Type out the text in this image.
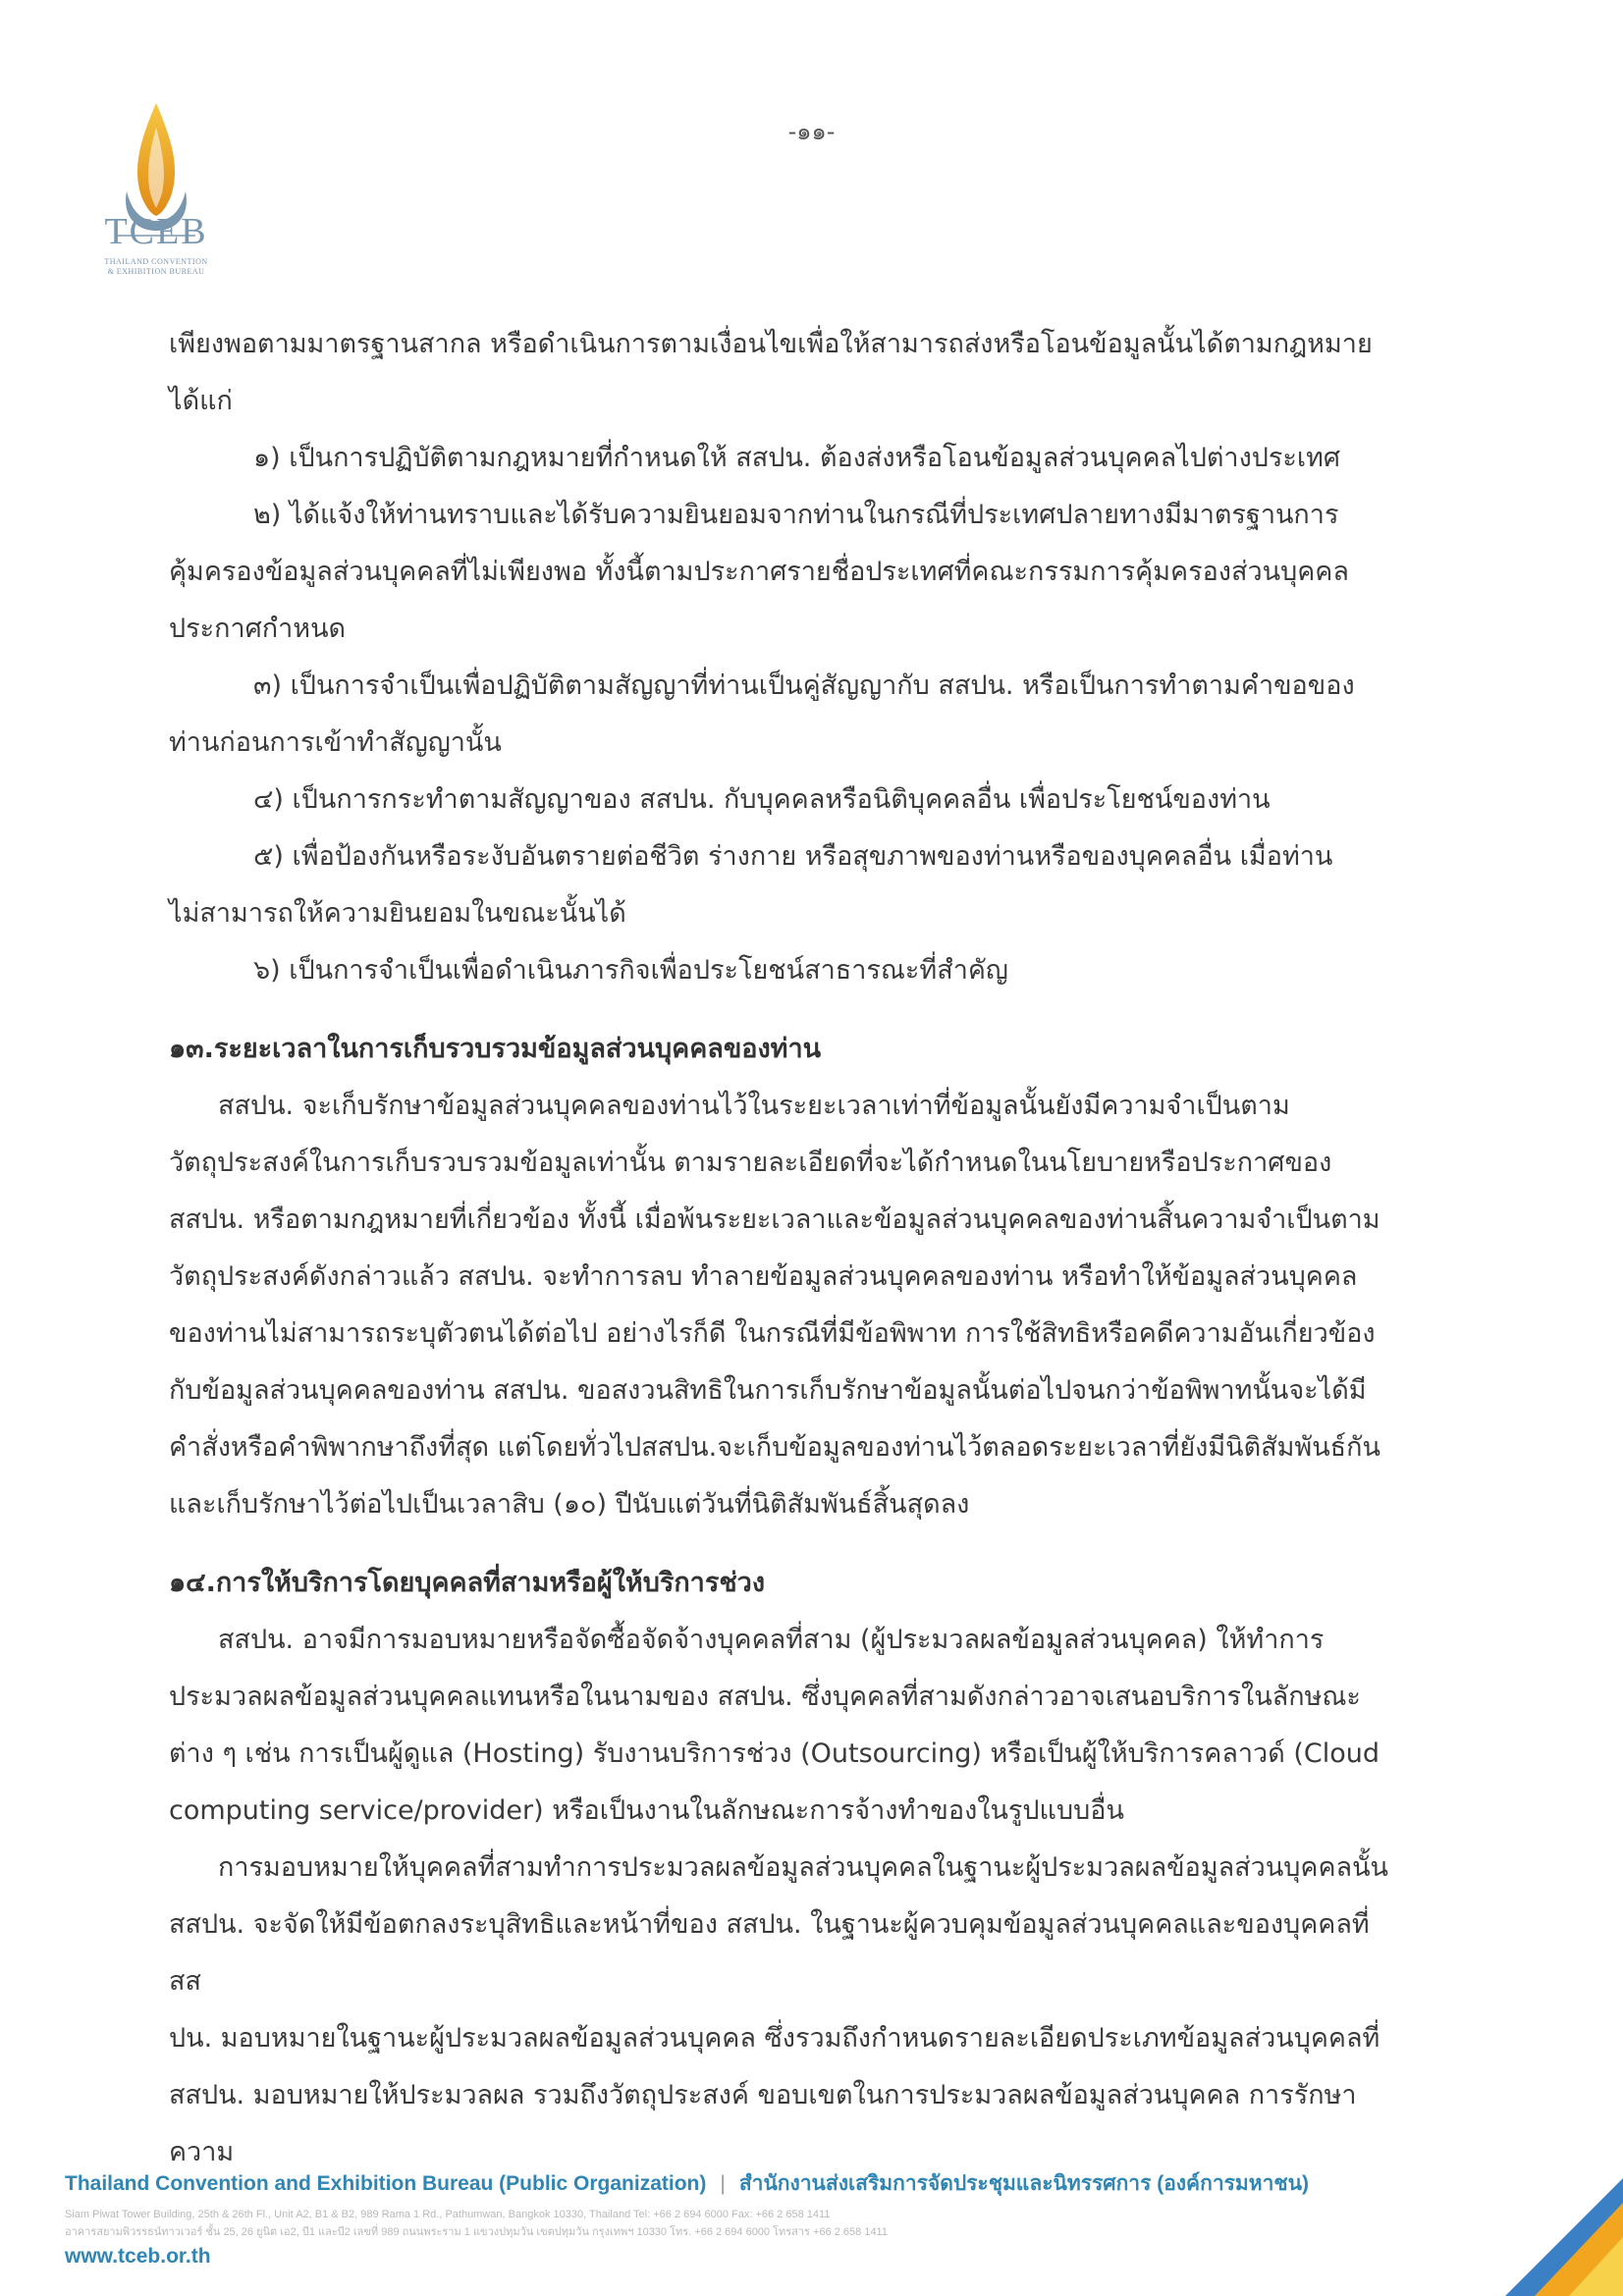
TCEB
THAILAND CONVENTION
& EXHIBITION BUREAU
-๑๑-

เพียงพอตามมาตรฐานสากล หรือดำเนินการตามเงื่อนไขเพื่อให้สามารถส่งหรือโอนข้อมูลนั้นได้ตามกฎหมาย

ได้แก่

๑) เป็นการปฏิบัติตามกฎหมายที่กำหนดให้ สสปน. ต้องส่งหรือโอนข้อมูลส่วนบุคคลไปต่างประเทศ

๒) ได้แจ้งให้ท่านทราบและได้รับความยินยอมจากท่านในกรณีที่ประเทศปลายทางมีมาตรฐานการ

คุ้มครองข้อมูลส่วนบุคคลที่ไม่เพียงพอ ทั้งนี้ตามประกาศรายชื่อประเทศที่คณะกรรมการคุ้มครองส่วนบุคคล

ประกาศกำหนด

๓) เป็นการจำเป็นเพื่อปฏิบัติตามสัญญาที่ท่านเป็นคู่สัญญากับ สสปน. หรือเป็นการทำตามคำขอของ

ท่านก่อนการเข้าทำสัญญานั้น

๔) เป็นการกระทำตามสัญญาของ สสปน. กับบุคคลหรือนิติบุคคลอื่น เพื่อประโยชน์ของท่าน

๕) เพื่อป้องกันหรือระงับอันตรายต่อชีวิต ร่างกาย หรือสุขภาพของท่านหรือของบุคคลอื่น เมื่อท่าน

ไม่สามารถให้ความยินยอมในขณะนั้นได้

๖) เป็นการจำเป็นเพื่อดำเนินภารกิจเพื่อประโยชน์สาธารณะที่สำคัญ

๑๓.ระยะเวลาในการเก็บรวบรวมข้อมูลส่วนบุคคลของท่าน

สสปน. จะเก็บรักษาข้อมูลส่วนบุคคลของท่านไว้ในระยะเวลาเท่าที่ข้อมูลนั้นยังมีความจำเป็นตาม

วัตถุประสงค์ในการเก็บรวบรวมข้อมูลเท่านั้น ตามรายละเอียดที่จะได้กำหนดในนโยบายหรือประกาศของ

สสปน. หรือตามกฎหมายที่เกี่ยวข้อง ทั้งนี้ เมื่อพ้นระยะเวลาและข้อมูลส่วนบุคคลของท่านสิ้นความจำเป็นตาม

วัตถุประสงค์ดังกล่าวแล้ว สสปน. จะทำการลบ ทำลายข้อมูลส่วนบุคคลของท่าน หรือทำให้ข้อมูลส่วนบุคคล

ของท่านไม่สามารถระบุตัวตนได้ต่อไป อย่างไรก็ดี ในกรณีที่มีข้อพิพาท การใช้สิทธิหรือคดีความอันเกี่ยวข้อง

กับข้อมูลส่วนบุคคลของท่าน สสปน. ขอสงวนสิทธิในการเก็บรักษาข้อมูลนั้นต่อไปจนกว่าข้อพิพาทนั้นจะได้มี

คำสั่งหรือคำพิพากษาถึงที่สุด แต่โดยทั่วไปสสปน.จะเก็บข้อมูลของท่านไว้ตลอดระยะเวลาที่ยังมีนิติสัมพันธ์กัน

และเก็บรักษาไว้ต่อไปเป็นเวลาสิบ (๑๐) ปีนับแต่วันที่นิติสัมพันธ์สิ้นสุดลง

๑๔.การให้บริการโดยบุคคลที่สามหรือผู้ให้บริการช่วง

สสปน. อาจมีการมอบหมายหรือจัดซื้อจัดจ้างบุคคลที่สาม (ผู้ประมวลผลข้อมูลส่วนบุคคล) ให้ทำการ

ประมวลผลข้อมูลส่วนบุคคลแทนหรือในนามของ สสปน. ซึ่งบุคคลที่สามดังกล่าวอาจเสนอบริการในลักษณะ

ต่าง ๆ เช่น การเป็นผู้ดูแล (Hosting) รับงานบริการช่วง (Outsourcing) หรือเป็นผู้ให้บริการคลาวด์ (Cloud

computing service/provider) หรือเป็นงานในลักษณะการจ้างทำของในรูปแบบอื่น

การมอบหมายให้บุคคลที่สามทำการประมวลผลข้อมูลส่วนบุคคลในฐานะผู้ประมวลผลข้อมูลส่วนบุคคลนั้น

สสปน. จะจัดให้มีข้อตกลงระบุสิทธิและหน้าที่ของ สสปน. ในฐานะผู้ควบคุมข้อมูลส่วนบุคคลและของบุคคลที่ สส

ปน. มอบหมายในฐานะผู้ประมวลผลข้อมูลส่วนบุคคล ซึ่งรวมถึงกำหนดรายละเอียดประเภทข้อมูลส่วนบุคคลที่

สสปน. มอบหมายให้ประมวลผล รวมถึงวัตถุประสงค์ ขอบเขตในการประมวลผลข้อมูลส่วนบุคคล การรักษาความ

Thailand Convention and Exhibition Bureau (Public Organization) | สำนักงานส่งเสริมการจัดประชุมและนิทรรศการ (องค์การมหาชน)
Siam Piwat Tower Building, 25th & 26th Fl., Unit A2, B1 & B2, 989 Rama 1 Rd., Pathumwan, Bangkok 10330, Thailand Tel: +66 2 694 6000 Fax: +66 2 658 1411
อาคารสยามพิวรรธน์ทาวเวอร์ ชั้น 25, 26 ยูนิต เอ2, บี1 และบี2 เลขที่ 989 ถนนพระราม 1 แขวงปทุมวัน เขตปทุมวัน กรุงเทพฯ 10330 โทร. +66 2 694 6000 โทรสาร +66 2 658 1411
www.tceb.or.th
